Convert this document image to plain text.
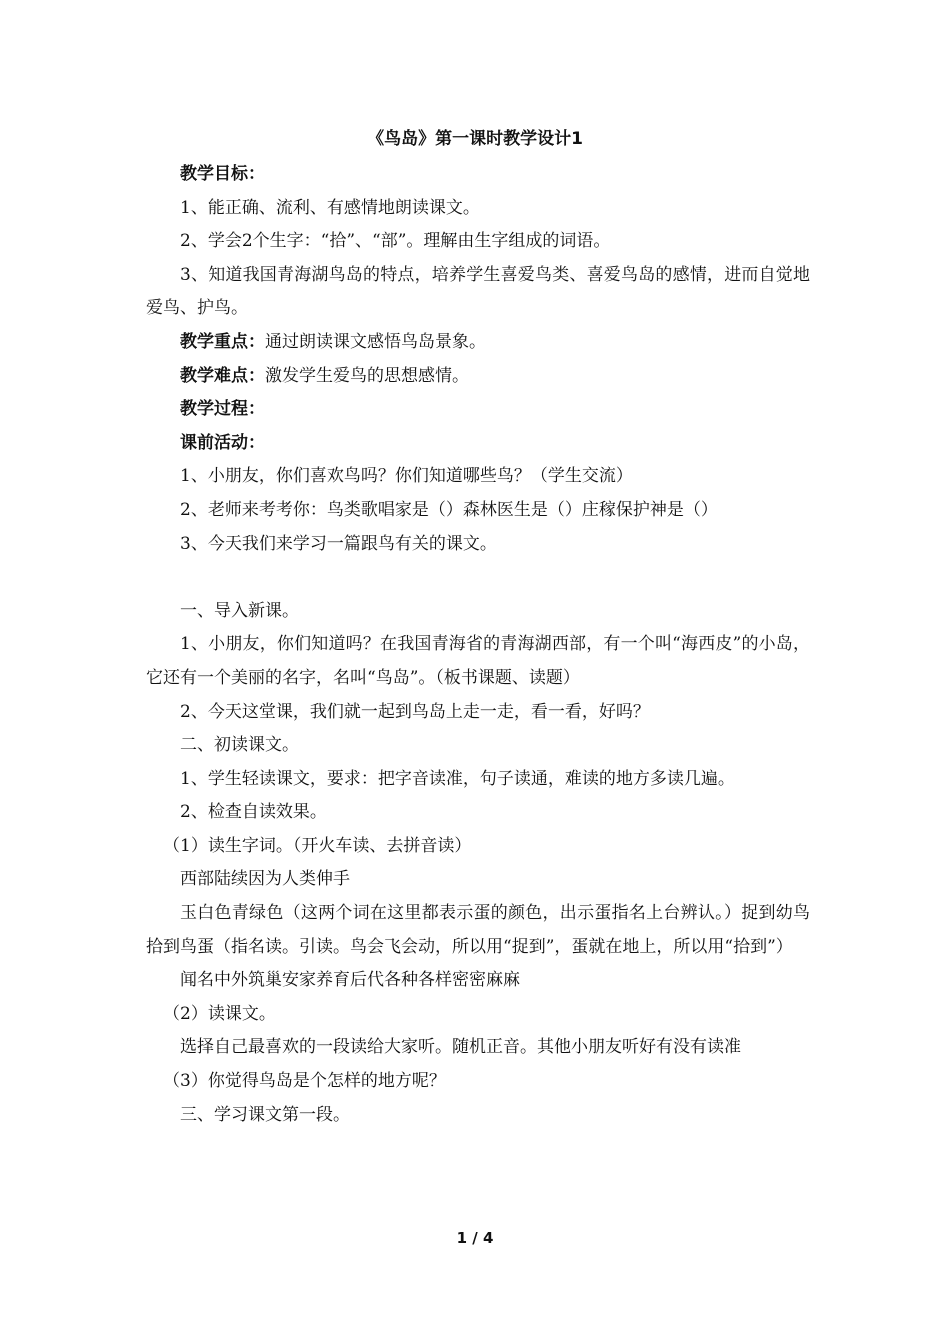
《鸟岛》第一课时教学设计1

教学目标：

1、能正确、流利、有感情地朗读课文。

2、学会2个生字：“拾”、“部”。理解由生字组成的词语。

3、知道我国青海湖鸟岛的特点，培养学生喜爱鸟类、喜爱鸟岛的感情，进而自觉地爱鸟、护鸟。

教学重点：通过朗读课文感悟鸟岛景象。

教学难点：激发学生爱鸟的思想感情。

教学过程：

课前活动：

1、小朋友，你们喜欢鸟吗？你们知道哪些鸟？（学生交流）

2、老师来考考你：鸟类歌唱家是（）森林医生是（）庄稼保护神是（）

3、今天我们来学习一篇跟鸟有关的课文。

一、导入新课。

1、小朋友，你们知道吗？在我国青海省的青海湖西部，有一个叫“海西皮”的小岛，它还有一个美丽的名字，名叫“鸟岛”。（板书课题、读题）

2、今天这堂课，我们就一起到鸟岛上走一走，看一看，好吗？

二、初读课文。

1、学生轻读课文，要求：把字音读准，句子读通，难读的地方多读几遍。

2、检查自读效果。

（1）读生字词。（开火车读、去拼音读）

西部陆续因为人类伸手

玉白色青绿色（这两个词在这里都表示蛋的颜色，出示蛋指名上台辨认。）捉到幼鸟拾到鸟蛋（指名读。引读。鸟会飞会动，所以用“捉到”，蛋就在地上，所以用“拾到”）

闻名中外筑巢安家养育后代各种各样密密麻麻

（2）读课文。

选择自己最喜欢的一段读给大家听。随机正音。其他小朋友听好有没有读准

（3）你觉得鸟岛是个怎样的地方呢？

三、学习课文第一段。

1 / 4
